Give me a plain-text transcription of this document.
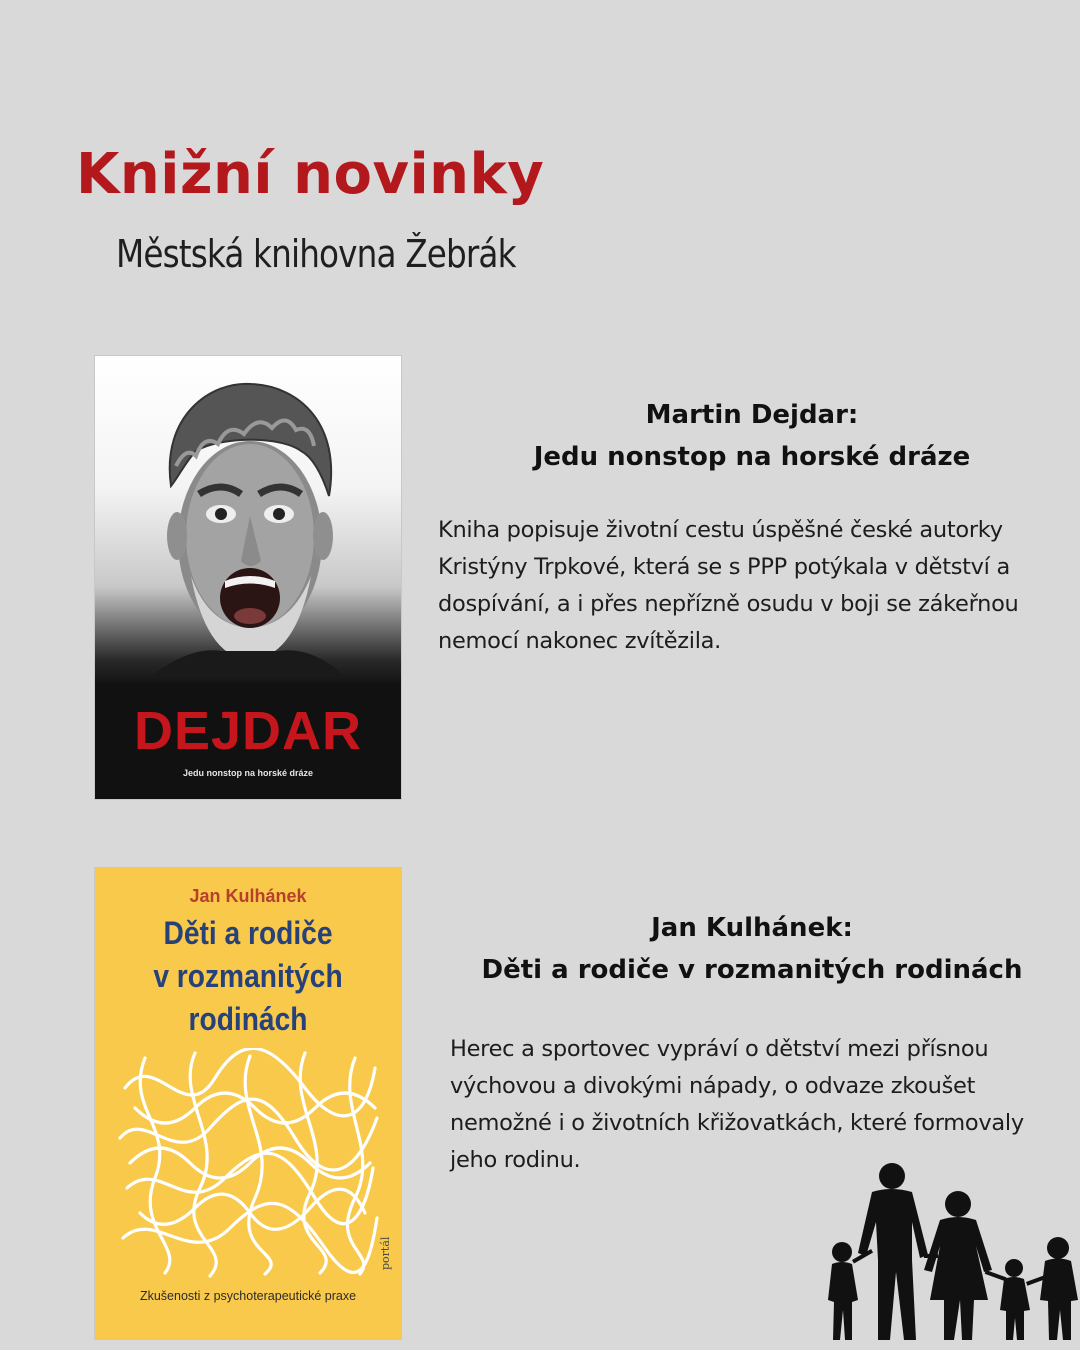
Knižní novinky
Městská knihovna Žebrák
DEJDAR
Jedu nonstop na horské dráze
Martin Dejdar:
Jedu nonstop na horské dráze

Kniha popisuje životní cestu úspěšné české autorky Kristýny Trpkové, která se s PPP potýkala v dětství a dospívání, a i přes nepřízně osudu v boji se zákeřnou nemocí nakonec zvítězila.

Jan Kulhánek
Děti a rodiče
v rozmanitých
rodinách
Zkušenosti z psychoterapeutické praxe
portál
Jan Kulhánek:
Děti a rodiče v rozmanitých rodinách

Herec a sportovec vypráví o dětství mezi přísnou výchovou a divokými nápady, o odvaze zkoušet nemožné i o životních křižovatkách, které formovaly jeho rodinu.
